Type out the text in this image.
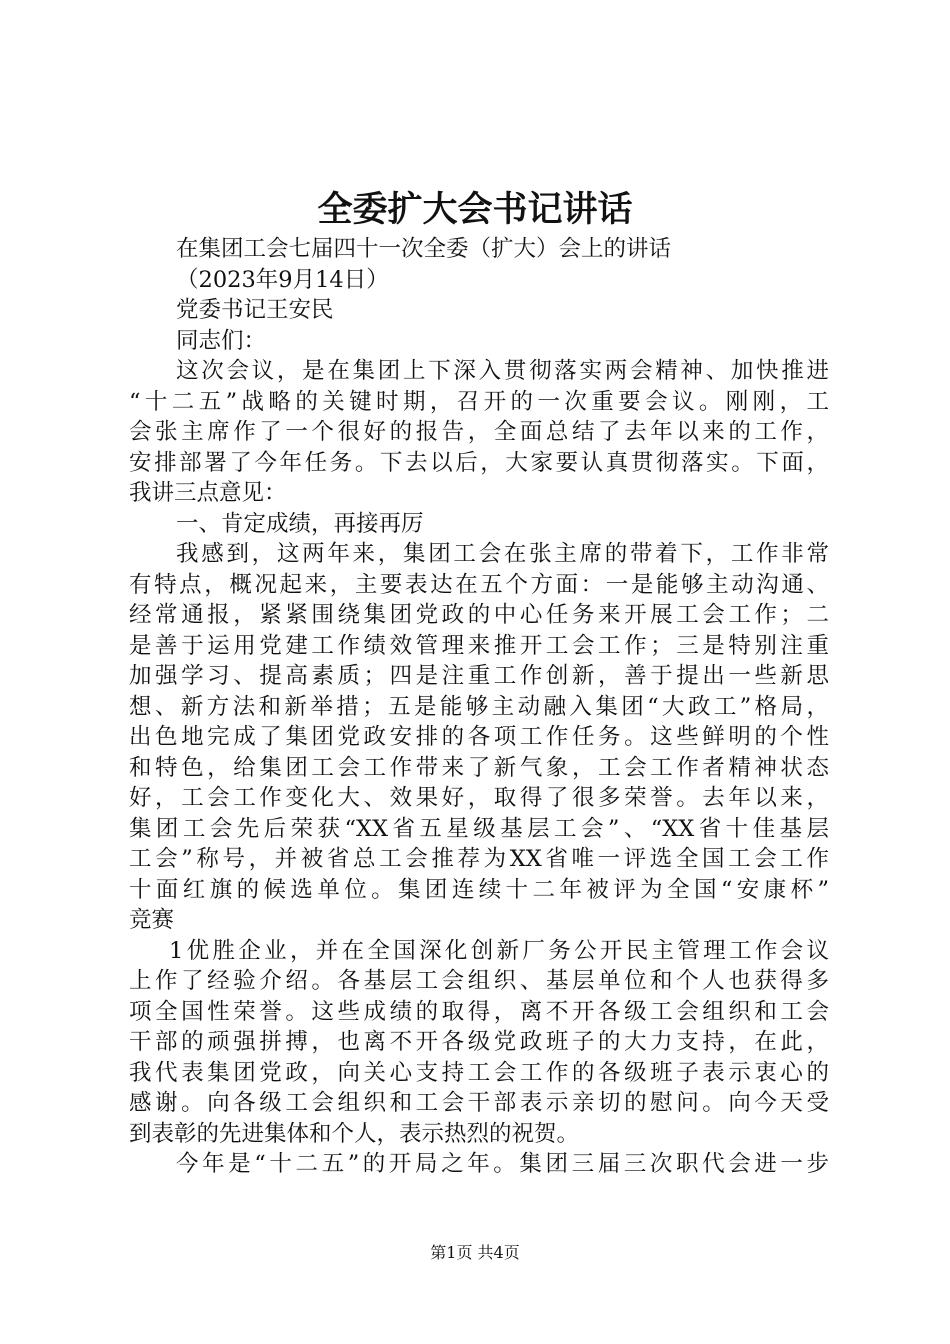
全委扩大会书记讲话

在集团工会七届四十一次全委（扩大）会上的讲话

（2023年9月14日）

党委书记王安民

同志们：

这次会议，是在集团上下深入贯彻落实两会精神、加快推进

“十二五”战略的关键时期，召开的一次重要会议。刚刚，工

会张主席作了一个很好的报告，全面总结了去年以来的工作，

安排部署了今年任务。下去以后，大家要认真贯彻落实。下面，

我讲三点意见：

一、肯定成绩，再接再厉

我感到，这两年来，集团工会在张主席的带着下，工作非常

有特点，概况起来，主要表达在五个方面：一是能够主动沟通、

经常通报，紧紧围绕集团党政的中心任务来开展工会工作；二

是善于运用党建工作绩效管理来推开工会工作；三是特别注重

加强学习、提高素质；四是注重工作创新，善于提出一些新思

想、新方法和新举措；五是能够主动融入集团“大政工”格局，

出色地完成了集团党政安排的各项工作任务。这些鲜明的个性

和特色，给集团工会工作带来了新气象，工会工作者精神状态

好，工会工作变化大、效果好，取得了很多荣誉。去年以来，

集团工会先后荣获“XX省五星级基层工会”、“XX省十佳基层

工会”称号，并被省总工会推荐为XX省唯一评选全国工会工作

十面红旗的候选单位。集团连续十二年被评为全国“安康杯”

竞赛

1优胜企业，并在全国深化创新厂务公开民主管理工作会议

上作了经验介绍。各基层工会组织、基层单位和个人也获得多

项全国性荣誉。这些成绩的取得，离不开各级工会组织和工会

干部的顽强拼搏，也离不开各级党政班子的大力支持，在此，

我代表集团党政，向关心支持工会工作的各级班子表示衷心的

感谢。向各级工会组织和工会干部表示亲切的慰问。向今天受

到表彰的先进集体和个人，表示热烈的祝贺。

今年是“十二五”的开局之年。集团三届三次职代会进一步

第1页 共4页
